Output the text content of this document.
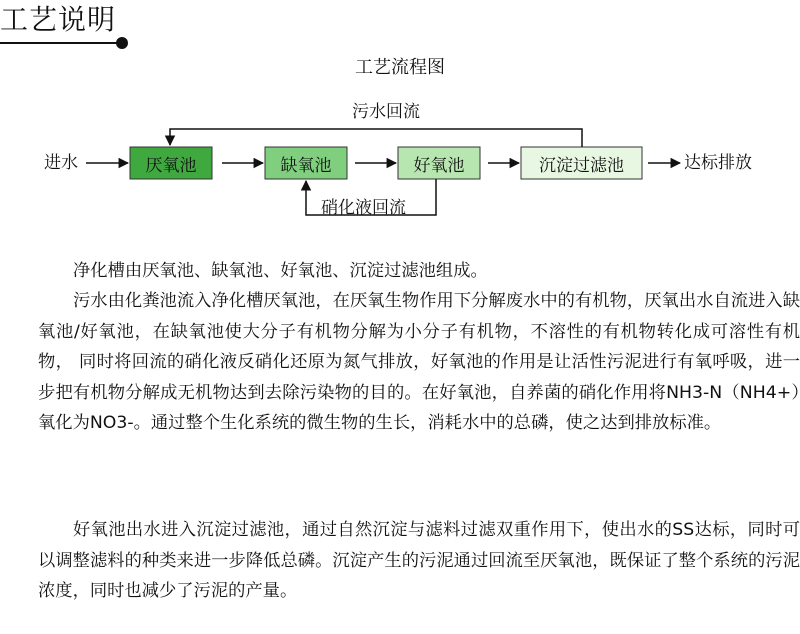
工艺说明
工艺流程图
厌氧池	缺氧池	好氧池	沉淀过滤池
进水	达标排放
污水回流
硝化液回流

净化槽由厌氧池、缺氧池、好氧池、沉淀过滤池组成。

污水由化粪池流入净化槽厌氧池，在厌氧生物作用下分解废水中的有机物，厌氧出水自流进入缺氧池/好氧池，在缺氧池使大分子有机物分解为小分子有机物，不溶性的有机物转化成可溶性有机物， 同时将回流的硝化液反硝化还原为氮气排放，好氧池的作用是让活性污泥进行有氧呼吸，进一步把有机物分解成无机物达到去除污染物的目的。在好氧池，自养菌的硝化作用将NH3-N（NH4+）氧化为NO3-。通过整个生化系统的微生物的生长，消耗水中的总磷，使之达到排放标准。

好氧池出水进入沉淀过滤池，通过自然沉淀与滤料过滤双重作用下，使出水的SS达标，同时可以调整滤料的种类来进一步降低总磷。沉淀产生的污泥通过回流至厌氧池，既保证了整个系统的污泥浓度，同时也减少了污泥的产量。
